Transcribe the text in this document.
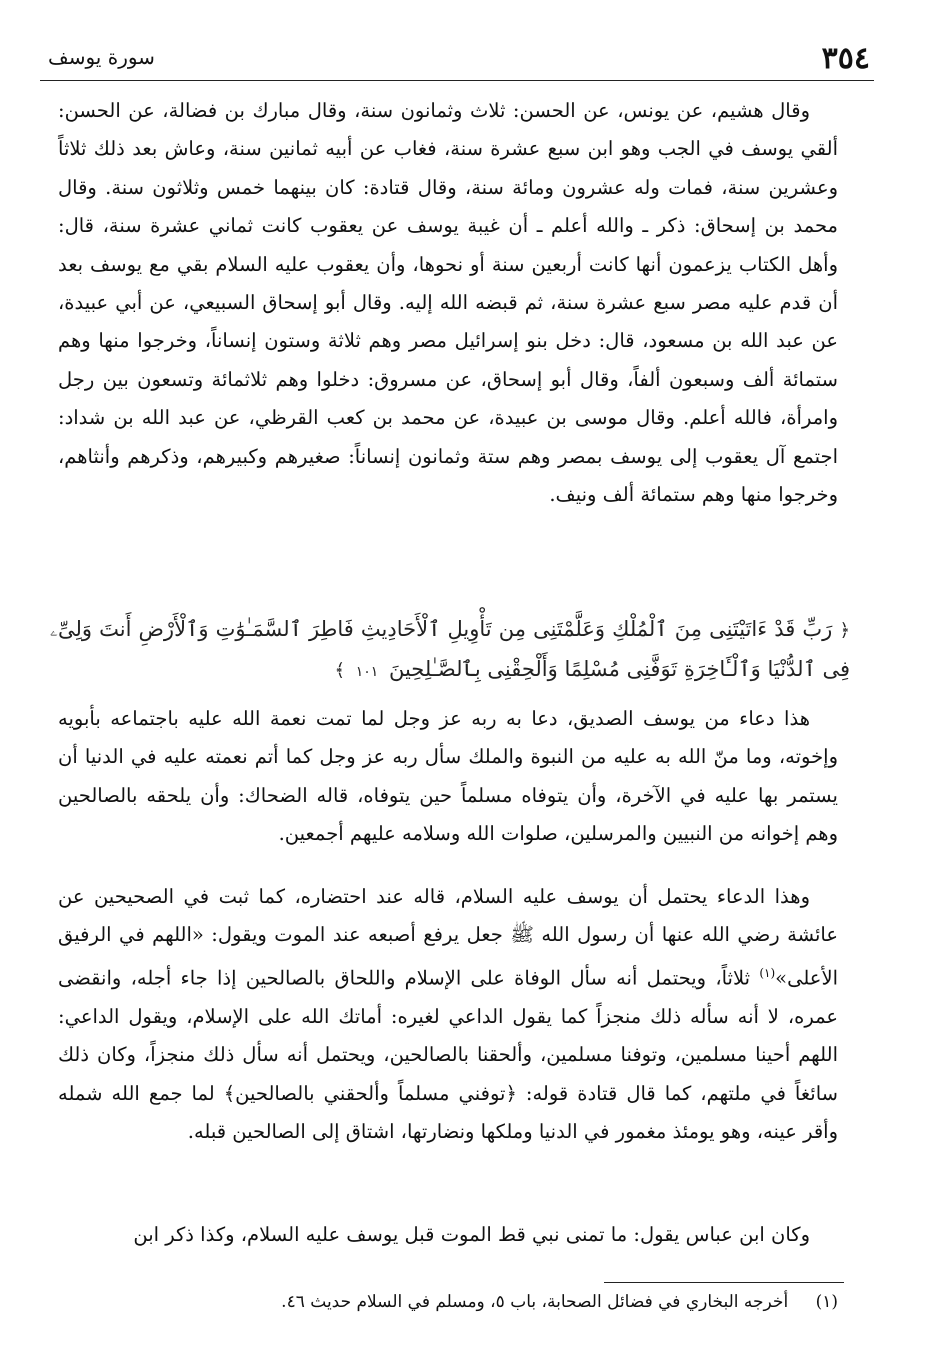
٣٥٤
سورة يوسف

وقال هشيم، عن يونس، عن الحسن: ثلاث وثمانون سنة، وقال مبارك بن فضالة، عن الحسن: ألقي يوسف في الجب وهو ابن سبع عشرة سنة، فغاب عن أبيه ثمانين سنة، وعاش بعد ذلك ثلاثاً وعشرين سنة، فمات وله عشرون ومائة سنة، وقال قتادة: كان بينهما خمس وثلاثون سنة. وقال محمد بن إسحاق: ذكر ـ والله أعلم ـ أن غيبة يوسف عن يعقوب كانت ثماني عشرة سنة، قال: وأهل الكتاب يزعمون أنها كانت أربعين سنة أو نحوها، وأن يعقوب عليه السلام بقي مع يوسف بعد أن قدم عليه مصر سبع عشرة سنة، ثم قبضه الله إليه. وقال أبو إسحاق السبيعي، عن أبي عبيدة، عن عبد الله بن مسعود، قال: دخل بنو إسرائيل مصر وهم ثلاثة وستون إنساناً، وخرجوا منها وهم ستمائة ألف وسبعون ألفاً، وقال أبو إسحاق، عن مسروق: دخلوا وهم ثلاثمائة وتسعون بين رجل وامرأة، فالله أعلم. وقال موسى بن عبيدة، عن محمد بن كعب القرظي، عن عبد الله بن شداد: اجتمع آل يعقوب إلى يوسف بمصر وهم ستة وثمانون إنساناً: صغيرهم وكبيرهم، وذكرهم وأنثاهم، وخرجوا منها وهم ستمائة ألف ونيف.

﴿ رَبِّ قَدْ ءَاتَيْتَنِى مِنَ ٱلْمُلْكِ وَعَلَّمْتَنِى مِن تَأْوِيلِ ٱلْأَحَادِيثِ فَاطِرَ ٱلسَّمَـٰوَٰتِ وَٱلْأَرْضِ أَنتَ وَلِىِّۦ فِى ٱلدُّنْيَا وَٱلْـَٔاخِرَةِ تَوَفَّنِى مُسْلِمًا وَأَلْحِقْنِى بِٱلصَّـٰلِحِينَ ١٠١ ﴾

هذا دعاء من يوسف الصديق، دعا به ربه عز وجل لما تمت نعمة الله عليه باجتماعه بأبويه وإخوته، وما منّ الله به عليه من النبوة والملك سأل ربه عز وجل كما أتم نعمته عليه في الدنيا أن يستمر بها عليه في الآخرة، وأن يتوفاه مسلماً حين يتوفاه، قاله الضحاك: وأن يلحقه بالصالحين وهم إخوانه من النبيين والمرسلين، صلوات الله وسلامه عليهم أجمعين.

وهذا الدعاء يحتمل أن يوسف عليه السلام، قاله عند احتضاره، كما ثبت في الصحيحين عن عائشة رضي الله عنها أن رسول الله ﷺ جعل يرفع أصبعه عند الموت ويقول: «اللهم في الرفيق الأعلى»$^{(١)}$ ثلاثاً، ويحتمل أنه سأل الوفاة على الإسلام واللحاق بالصالحين إذا جاء أجله، وانقضى عمره، لا أنه سأله ذلك منجزاً كما يقول الداعي لغيره: أماتك الله على الإسلام، ويقول الداعي: اللهم أحينا مسلمين، وتوفنا مسلمين، وألحقنا بالصالحين، ويحتمل أنه سأل ذلك منجزاً، وكان ذلك سائغاً في ملتهم، كما قال قتادة قوله: ﴿توفني مسلماً وألحقني بالصالحين﴾ لما جمع الله شمله وأقر عينه، وهو يومئذ مغمور في الدنيا وملكها ونضارتها، اشتاق إلى الصالحين قبله.

وكان ابن عباس يقول: ما تمنى نبي قط الموت قبل يوسف عليه السلام، وكذا ذكر ابن

(١) أخرجه البخاري في فضائل الصحابة، باب ٥، ومسلم في السلام حديث ٤٦.
